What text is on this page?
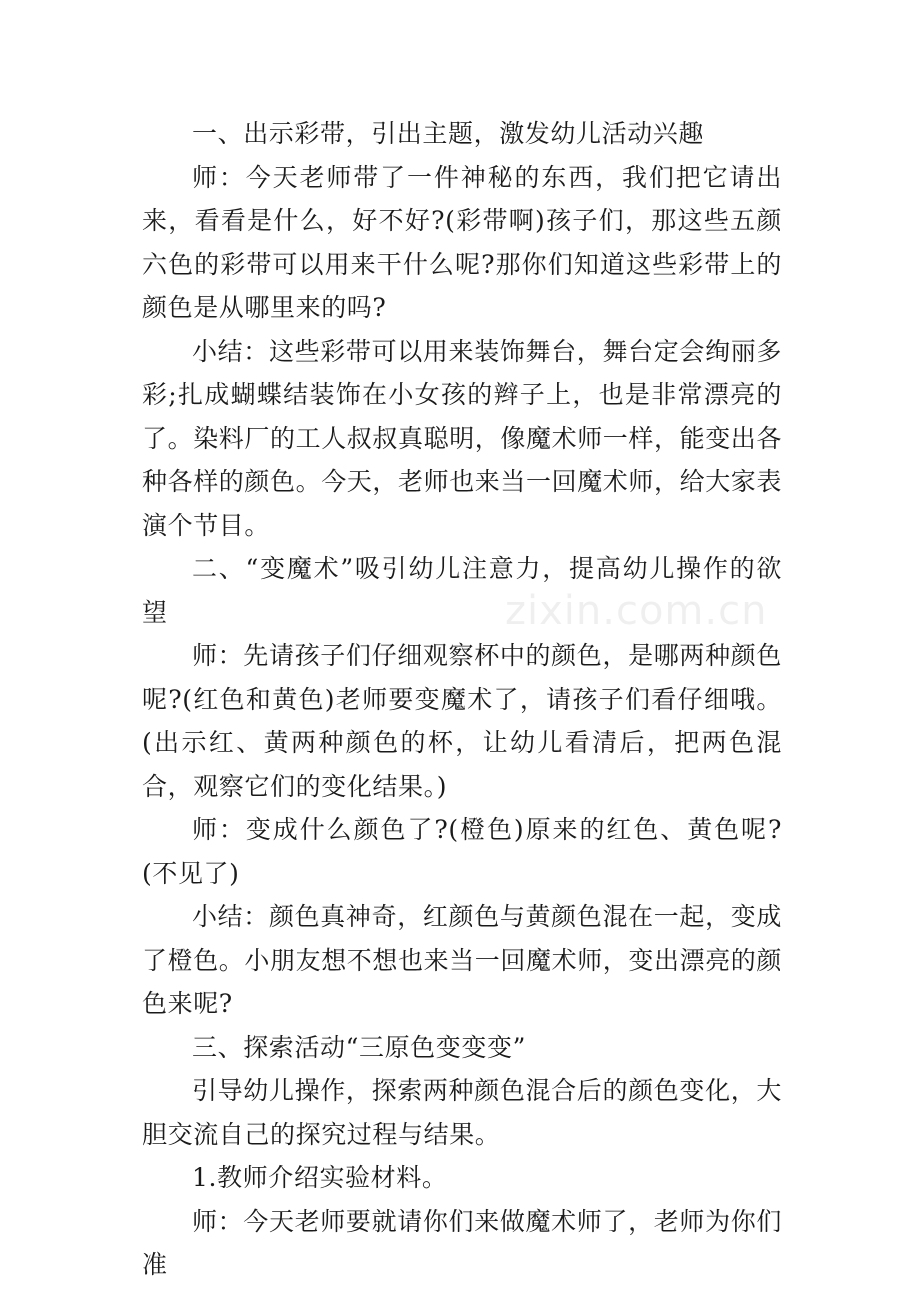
一、出示彩带，引出主题，激发幼儿活动兴趣

师：今天老师带了一件神秘的东西，我们把它请出来，看看是什么，好不好?(彩带啊)孩子们，那这些五颜六色的彩带可以用来干什么呢?那你们知道这些彩带上的颜色是从哪里来的吗?

小结：这些彩带可以用来装饰舞台，舞台定会绚丽多彩;扎成蝴蝶结装饰在小女孩的辫子上，也是非常漂亮的了。染料厂的工人叔叔真聪明，像魔术师一样，能变出各种各样的颜色。今天，老师也来当一回魔术师，给大家表演个节目。

二、“变魔术”吸引幼儿注意力，提高幼儿操作的欲 望

师：先请孩子们仔细观察杯中的颜色，是哪两种颜色呢?(红色和黄色)老师要变魔术了，请孩子们看仔细哦。(出示红、黄两种颜色的杯，让幼儿看清后，把两色混合，观察它们的变化结果。)

师：变成什么颜色了?(橙色)原来的红色、黄色呢?(不见了)

小结：颜色真神奇，红颜色与黄颜色混在一起，变成了橙色。小朋友想不想也来当一回魔术师，变出漂亮的颜色来呢?

三、探索活动“三原色变变变”

引导幼儿操作，探索两种颜色混合后的颜色变化，大胆交流自己的探究过程与结果。

1.教师介绍实验材料。

师：今天老师要就请你们来做魔术师了，老师为你们准

zixin.com.cn
